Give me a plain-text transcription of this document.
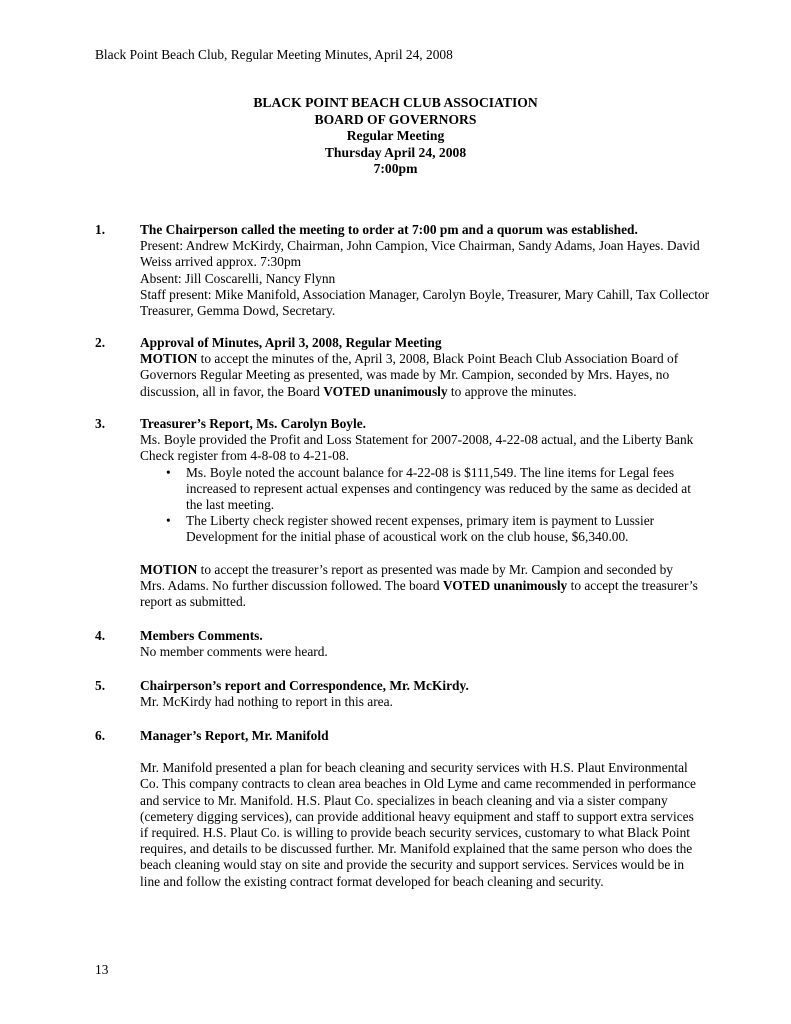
Black Point Beach Club, Regular Meeting Minutes, April 24, 2008
BLACK POINT BEACH CLUB ASSOCIATION
BOARD OF GOVERNORS
Regular Meeting
Thursday April 24, 2008
7:00pm
1.	The Chairperson called the meeting to order at 7:00 pm and a quorum was established.

Present: Andrew McKirdy, Chairman, John Campion, Vice Chairman, Sandy Adams, Joan Hayes. David Weiss arrived approx. 7:30pm

Absent: Jill Coscarelli, Nancy Flynn

Staff present: Mike Manifold, Association Manager, Carolyn Boyle, Treasurer, Mary Cahill, Tax Collector Treasurer, Gemma Dowd, Secretary.

2.	Approval of Minutes, April 3, 2008, Regular Meeting

MOTION to accept the minutes of the, April 3, 2008, Black Point Beach Club Association Board of Governors Regular Meeting as presented, was made by Mr. Campion, seconded by Mrs. Hayes, no discussion, all in favor, the Board VOTED unanimously to approve the minutes.

3.	Treasurer’s Report, Ms. Carolyn Boyle.

Ms. Boyle provided the Profit and Loss Statement for 2007-2008, 4-22-08 actual, and the Liberty Bank Check register from 4-8-08 to 4-21-08.

• Ms. Boyle noted the account balance for 4-22-08 is $111,549. The line items for Legal fees increased to represent actual expenses and contingency was reduced by the same as decided at the last meeting.
• The Liberty check register showed recent expenses, primary item is payment to Lussier Development for the initial phase of acoustical work on the club house, $6,340.00.

MOTION to accept the treasurer’s report as presented was made by Mr. Campion and seconded by Mrs. Adams. No further discussion followed. The board VOTED unanimously to accept the treasurer’s report as submitted.

4.	Members Comments.

No member comments were heard.

5.	Chairperson’s report and Correspondence, Mr. McKirdy.

Mr. McKirdy had nothing to report in this area.

6.	Manager’s Report, Mr. Manifold

Mr. Manifold presented a plan for beach cleaning and security services with H.S. Plaut Environmental Co. This company contracts to clean area beaches in Old Lyme and came recommended in performance and service to Mr. Manifold. H.S. Plaut Co. specializes in beach cleaning and via a sister company (cemetery digging services), can provide additional heavy equipment and staff to support extra services if required. H.S. Plaut Co. is willing to provide beach security services, customary to what Black Point requires, and details to be discussed further. Mr. Manifold explained that the same person who does the beach cleaning would stay on site and provide the security and support services. Services would be in line and follow the existing contract format developed for beach cleaning and security.

13
